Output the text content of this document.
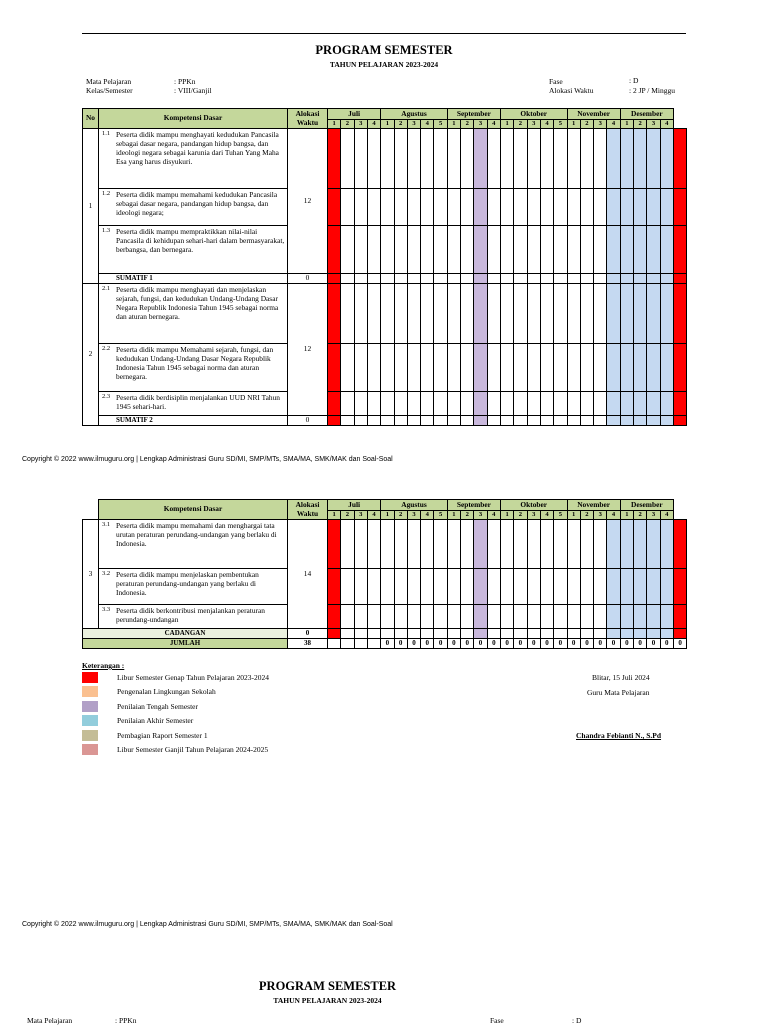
PROGRAM SEMESTER
TAHUN PELAJARAN 2023-2024
Mata Pelajaran	: PPKn
Kelas/Semester	: VIII/Ganjil
Fase	: D
Alokasi Waktu	: 2 JP / Minggu
No	Kompetensi Dasar	Alokasi Waktu	Juli				Agustus					September				Oktober					November				Desember				
			1	2	3	4	1	2	3	4	5	1	2	3	4	1	2	3	4	5	1	2	3	4	1	2	3	4	
1	1.1 Peserta didik mampu menghayati kedudukan Pancasila sebagai dasar negara, pandangan hidup bangsa, dan ideologi negara sebagai karunia dari Tuhan Yang Maha Esa yang harus disyukuri.	12																											

	1.2 Peserta didik mampu memahami kedudukan Pancasila sebagai dasar negara, pandangan hidup bangsa, dan ideologi negara;																												

	1.3 Peserta didik mampu mempraktikkan nilai-nilai Pancasila di kehidupan sehari-hari dalam bermasyarakat, berbangsa, dan bernegara.																												
	SUMATIF 1	0																											
2	2.1 Peserta didik mampu menghayati dan menjelaskan sejarah, fungsi, dan kedudukan Undang-Undang Dasar Negara Republik Indonesia Tahun 1945 sebagai norma dan aturan bernegara.	12																											

	2.2 Peserta didik mampu Memahami sejarah, fungsi, dan kedudukan Undang-Undang Dasar Negara Republik Indonesia Tahun 1945 sebagai norma dan aturan bernegara.																												

	2.3 Peserta didik berdisiplin menjalankan UUD NRI Tahun 1945 sehari-hari.																												
	SUMATIF 2	0																											
Copyright © 2022 www.ilmuguru.org | Lengkap Administrasi Guru SD/MI, SMP/MTs, SMA/MA, SMK/MAK dan Soal-Soal
	Kompetensi Dasar	Alokasi Waktu	Juli				Agustus					September				Oktober					November				Desember				
			1	2	3	4	1	2	3	4	5	1	2	3	4	1	2	3	4	5	1	2	3	4	1	2	3	4	
3	3.1 Peserta didik mampu memahami dan menghargai tata urutan peraturan perundang-undangan yang berlaku di Indonesia.	14																											

	3.2 Peserta didik mampu menjelaskan pembentukan peraturan perundang-undangan yang berlaku di Indonesia.																												

	3.3 Peserta didik berkontribusi menjalankan peraturan perundang-undangan																												
CADANGAN		0																											
JUMLAH		38					0	0	0	0	0	0	0	0	0	0	0	0	0	0	0	0	0	0	0	0	0	0	0
Keterangan :
Libur Semester Genap Tahun Pelajaran 2023-2024
Pengenalan Lingkungan Sekolah
Penilaian Tengah Semester
Penilaian Akhir Semester
Pembagian Raport Semester 1
Libur Semester Ganjil Tahun Pelajaran 2024-2025
Blitar, 15 Juli 2024
Guru Mata Pelajaran
Chandra Febianti N., S.Pd
Copyright © 2022 www.ilmuguru.org | Lengkap Administrasi Guru SD/MI, SMP/MTs, SMA/MA, SMK/MAK dan Soal-Soal
PROGRAM SEMESTER
TAHUN PELAJARAN 2023-2024
Mata Pelajaran	: PPKn	Fase	: D
